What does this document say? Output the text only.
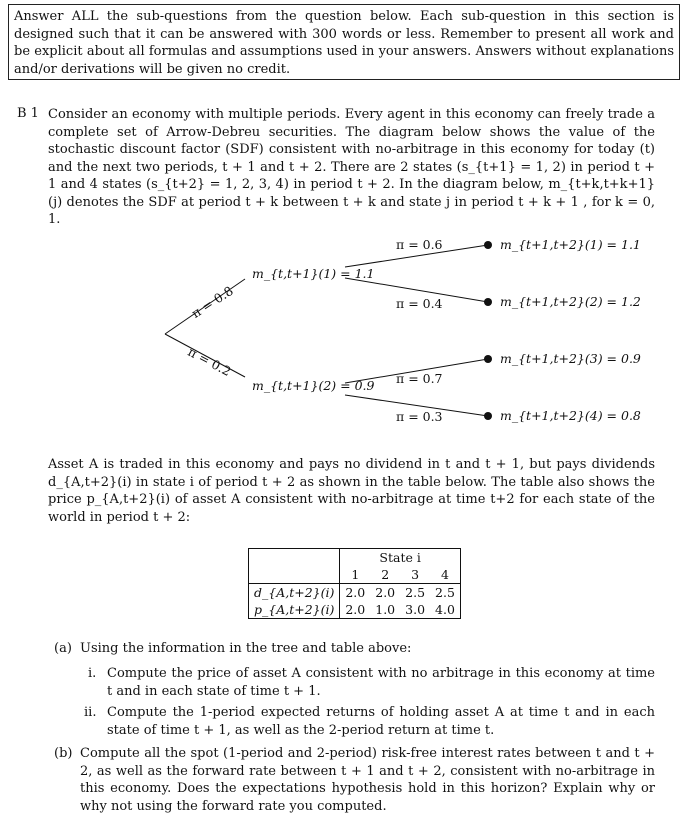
Answer ALL the sub-questions from the question below. Each sub-question in this section is designed such that it can be answered with 300 words or less. Remember to present all work and be explicit about all formulas and assumptions used in your answers. Answers without explanations and/or derivations will be given no credit.
B 1 Consider an economy with multiple periods. Every agent in this economy can freely trade a complete set of Arrow-Debreu securities. The diagram below shows the value of the stochastic discount factor (SDF) consistent with no-arbitrage in this economy for today (t) and the next two periods, t + 1 and t + 2. There are 2 states (s_{t+1} = 1, 2) in period t + 1 and 4 states (s_{t+2} = 1, 2, 3, 4) in period t + 2. In the diagram below, m_{t+k,t+k+1}(j) denotes the SDF at period t + k between t + k and state j in period t + k + 1 , for k = 0, 1.
π = 0.8
π = 0.2
m_{t,t+1}(1) = 1.1
m_{t,t+1}(2) = 0.9
π = 0.6
π = 0.4
π = 0.7
π = 0.3
m_{t+1,t+2}(1) = 1.1
m_{t+1,t+2}(2) = 1.2
m_{t+1,t+2}(3) = 0.9
m_{t+1,t+2}(4) = 0.8
Asset A is traded in this economy and pays no dividend in t and t + 1, but pays dividends d_{A,t+2}(i) in state i of period t + 2 as shown in the table below. The table also shows the price p_{A,t+2}(i) of asset A consistent with no-arbitrage at time t+2 for each state of the world in period t + 2:
	State i			
	1	2	3	4
d_{A,t+2}(i)	2.0	2.0	2.5	2.5
p_{A,t+2}(i)	2.0	1.0	3.0	4.0
(a) Using the information in the tree and table above:
i. Compute the price of asset A consistent with no arbitrage in this economy at time t and in each state of time t + 1.
ii. Compute the 1-period expected returns of holding asset A at time t and in each state of time t + 1, as well as the 2-period return at time t.
(b) Compute all the spot (1-period and 2-period) risk-free interest rates between t and t + 2, as well as the forward rate between t + 1 and t + 2, consistent with no-arbitrage in this economy. Does the expectations hypothesis hold in this horizon? Explain why or why not using the forward rate you computed.
